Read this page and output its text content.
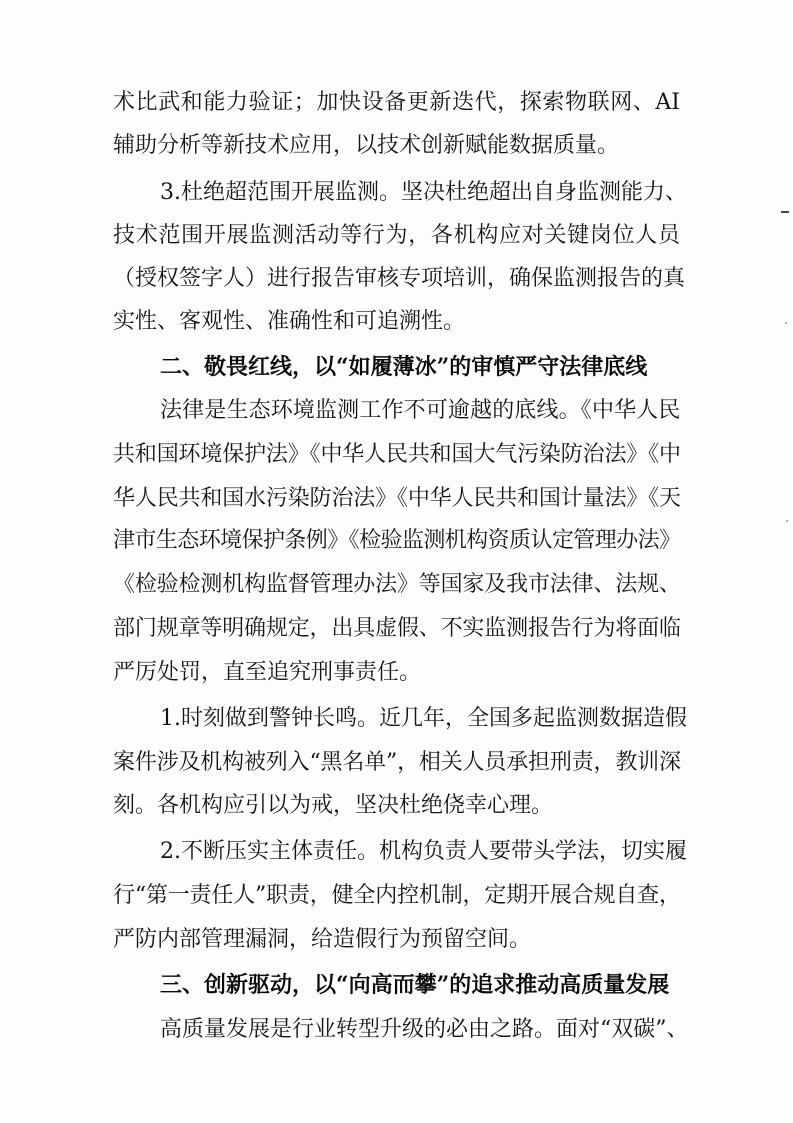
术比武和能力验证；加快设备更新迭代，探索物联网、AI
辅助分析等新技术应用，以技术创新赋能数据质量。
3.杜绝超范围开展监测。坚决杜绝超出自身监测能力、
技术范围开展监测活动等行为，各机构应对关键岗位人员
（授权签字人）进行报告审核专项培训，确保监测报告的真
实性、客观性、准确性和可追溯性。
二、敬畏红线，以“如履薄冰”的审慎严守法律底线
法律是生态环境监测工作不可逾越的底线。《中华人民
共和国环境保护法》《中华人民共和国大气污染防治法》《中
华人民共和国水污染防治法》《中华人民共和国计量法》《天
津市生态环境保护条例》《检验监测机构资质认定管理办法》
《检验检测机构监督管理办法》等国家及我市法律、法规、
部门规章等明确规定，出具虚假、不实监测报告行为将面临
严厉处罚，直至追究刑事责任。
1.时刻做到警钟长鸣。近几年，全国多起监测数据造假
案件涉及机构被列入“黑名单”，相关人员承担刑责，教训深
刻。各机构应引以为戒，坚决杜绝侥幸心理。
2.不断压实主体责任。机构负责人要带头学法，切实履
行“第一责任人”职责，健全内控机制，定期开展合规自查，
严防内部管理漏洞，给造假行为预留空间。
三、创新驱动，以“向高而攀”的追求推动高质量发展
高质量发展是行业转型升级的必由之路。面对“双碳”、
